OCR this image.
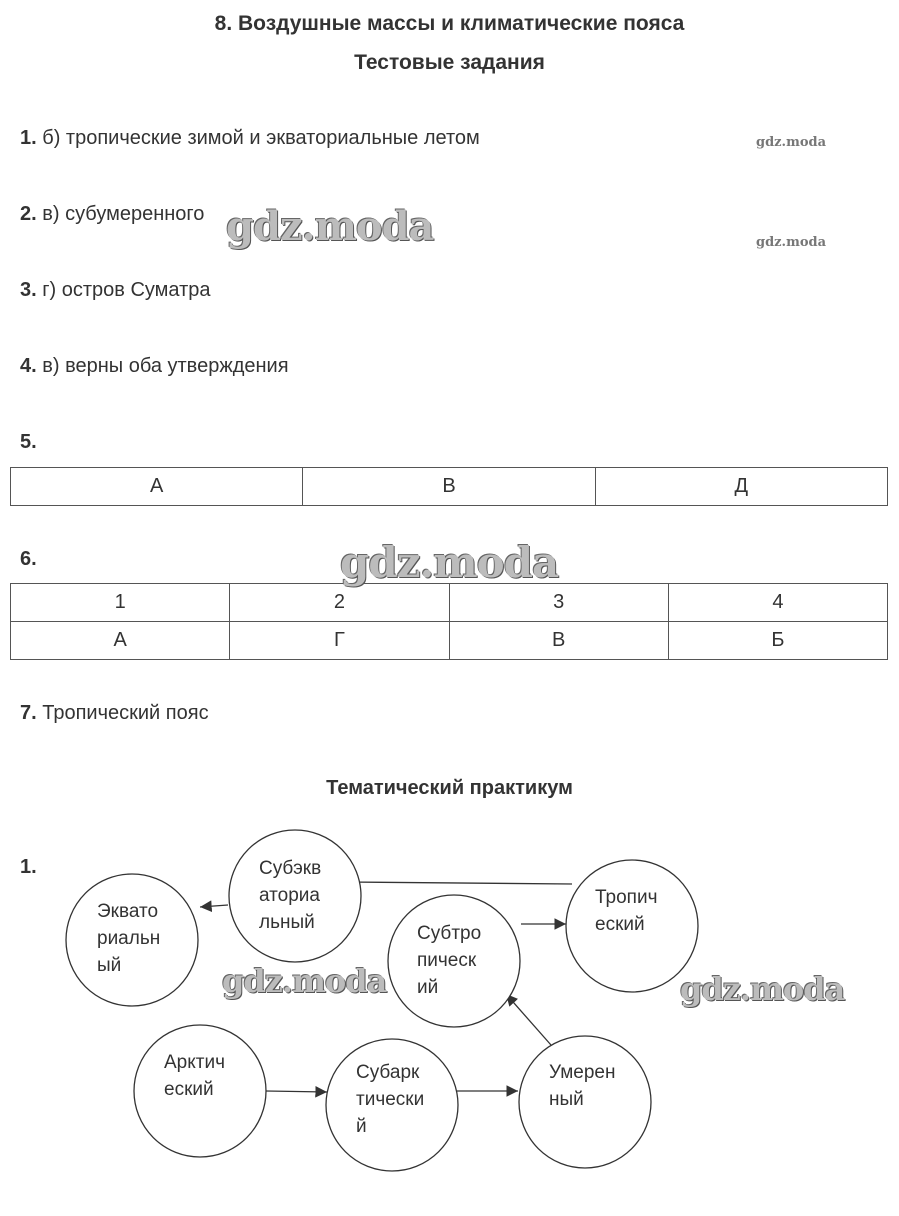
8. Воздушные массы и климатические пояса
Тестовые задания
1. б) тропические зимой и экваториальные летом
2. в) субумеренного
3. г) остров Суматра
4. в) верны оба утверждения
5.
А	В	Д
6.
1	2	3	4
А	Г	В	Б
7. Тропический пояс
Тематический практикум
1.
Эквато риальн ый
Субэкв аториа льный
Тропич еский
Субтро пическ ий
Арктич еский
Субарк тически й
Умерен ный
gdz.moda
gdz.moda
gdz.moda
gdz.moda
gdz.moda	gdz.moda
